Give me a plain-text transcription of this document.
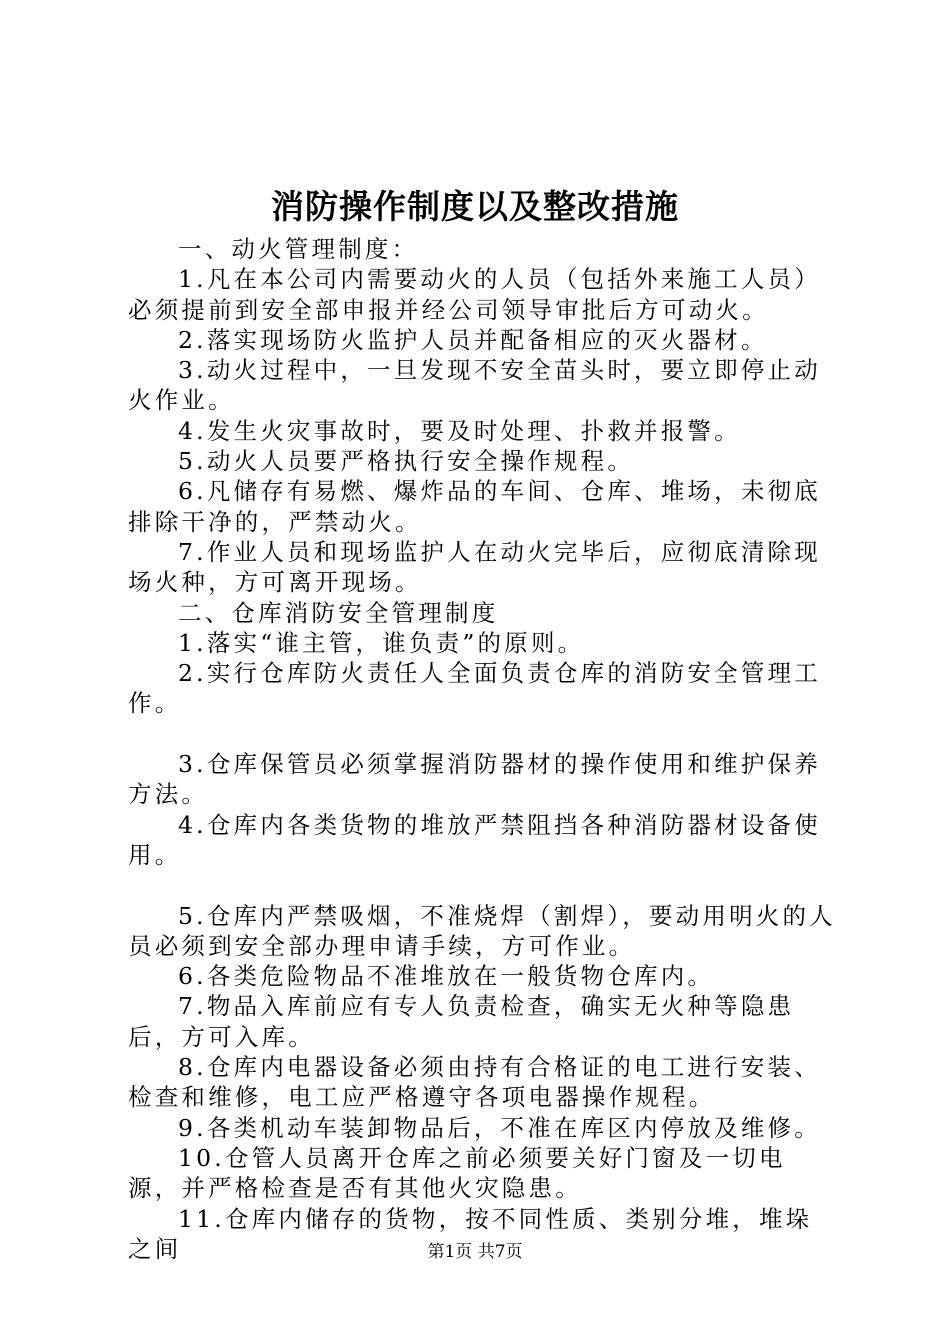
消防操作制度以及整改措施

一、动火管理制度：

1.凡在本公司内需要动火的人员（包括外来施工人员）必须提前到安全部申报并经公司领导审批后方可动火。

2.落实现场防火监护人员并配备相应的灭火器材。

3.动火过程中，一旦发现不安全苗头时，要立即停止动火作业。

4.发生火灾事故时，要及时处理、扑救并报警。

5.动火人员要严格执行安全操作规程。

6.凡储存有易燃、爆炸品的车间、仓库、堆场，未彻底排除干净的，严禁动火。

7.作业人员和现场监护人在动火完毕后，应彻底清除现场火种，方可离开现场。

二、仓库消防安全管理制度

1.落实“谁主管，谁负责”的原则。

2.实行仓库防火责任人全面负责仓库的消防安全管理工作。

3.仓库保管员必须掌握消防器材的操作使用和维护保养方法。

4.仓库内各类货物的堆放严禁阻挡各种消防器材设备使用。

5.仓库内严禁吸烟，不准烧焊（割焊），要动用明火的人员必须到安全部办理申请手续，方可作业。

6.各类危险物品不准堆放在一般货物仓库内。

7.物品入库前应有专人负责检查，确实无火种等隐患后，方可入库。

8.仓库内电器设备必须由持有合格证的电工进行安装、检查和维修，电工应严格遵守各项电器操作规程。

9.各类机动车装卸物品后，不准在库区内停放及维修。

10.仓管人员离开仓库之前必须要关好门窗及一切电源，并严格检查是否有其他火灾隐患。

11.仓库内储存的货物，按不同性质、类别分堆，堆垛之间	第1页 共7页
